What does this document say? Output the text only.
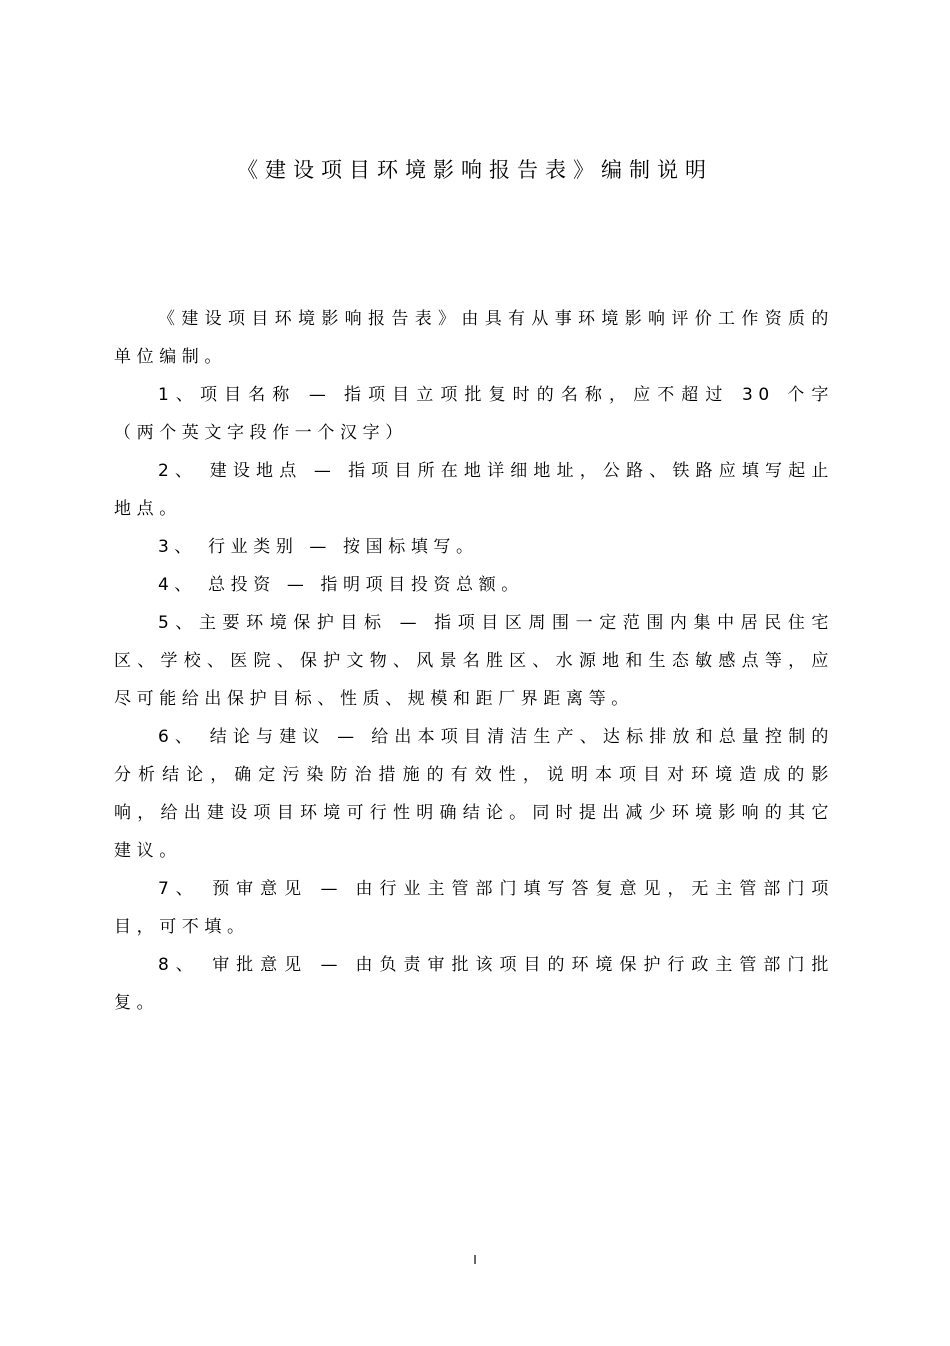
《建设项目环境影响报告表》编制说明

《建设项目环境影响报告表》由具有从事环境影响评价工作资质的单位编制。

1、项目名称 — 指项目立项批复时的名称，应不超过 30 个字（两个英文字段作一个汉字）

2、 建设地点 — 指项目所在地详细地址，公路、铁路应填写起止地点。

3、 行业类别 — 按国标填写。

4、 总投资 — 指明项目投资总额。

5、主要环境保护目标 — 指项目区周围一定范围内集中居民住宅区、学校、医院、保护文物、风景名胜区、水源地和生态敏感点等，应尽可能给出保护目标、性质、规模和距厂界距离等。

6、 结论与建议 — 给出本项目清洁生产、达标排放和总量控制的分析结论，确定污染防治措施的有效性，说明本项目对环境造成的影响，给出建设项目环境可行性明确结论。同时提出减少环境影响的其它建议。

7、 预审意见 — 由行业主管部门填写答复意见，无主管部门项目，可不填。

8、 审批意见 — 由负责审批该项目的环境保护行政主管部门批复。

I
